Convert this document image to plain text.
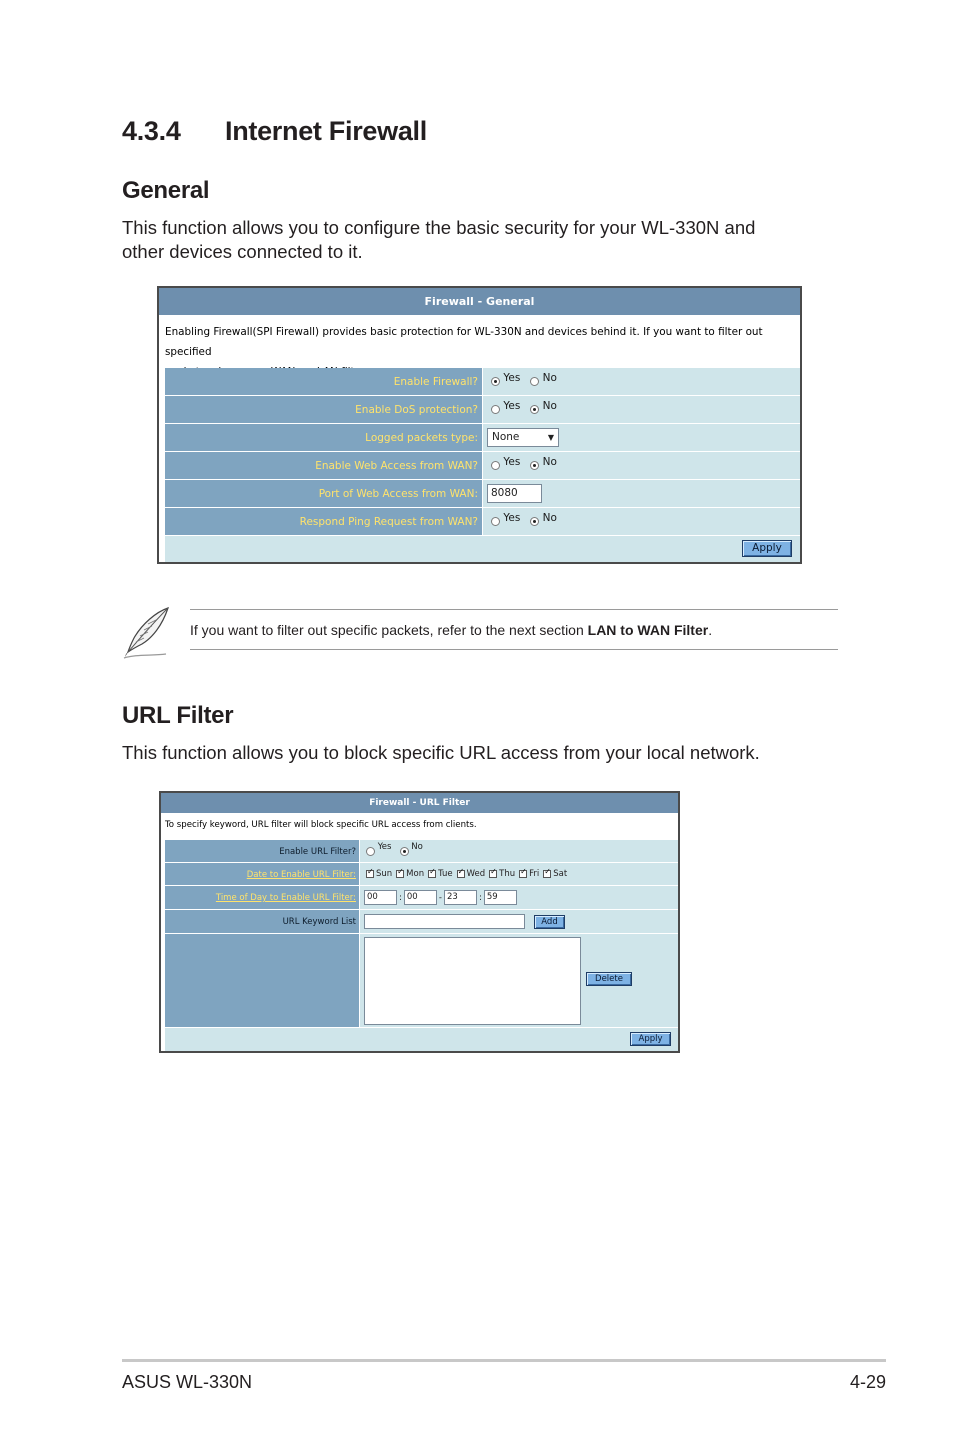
4.3.4 Internet Firewall
General
This function allows you to configure the basic security for your WL-330N and
other devices connected to it.
Firewall - General
Enabling Firewall(SPI Firewall) provides basic protection for WL-330N and devices behind it. If you want to filter out specified
Enable Firewall?
	Yes

No
Enable DoS protection?
	Yes

No
Logged packets type:	None	▼
Enable Web Access from WAN?
	Yes

No
Port of Web Access from WAN:	8080
Respond Ping Request from WAN?
	Yes

No
Apply
If you want to filter out specific packets, refer to the next section LAN to WAN Filter.
URL Filter
This function allows you to block specific URL access from your local network.
Firewall - URL Filter
To specify keyword, URL filter will block specific URL access from clients.
Enable URL Filter?
	Yes

No
Date to Enable URL Filter: ✓	Sun ✓ Mon ✓ Tue ✓ Wed ✓ Thu ✓ Fri ✓ Sat
Time of Day to Enable URL Filter:	00	: 00	- 23	: 59
URL Keyword List	Add
Delete
Apply
ASUS WL-330N	4-29
